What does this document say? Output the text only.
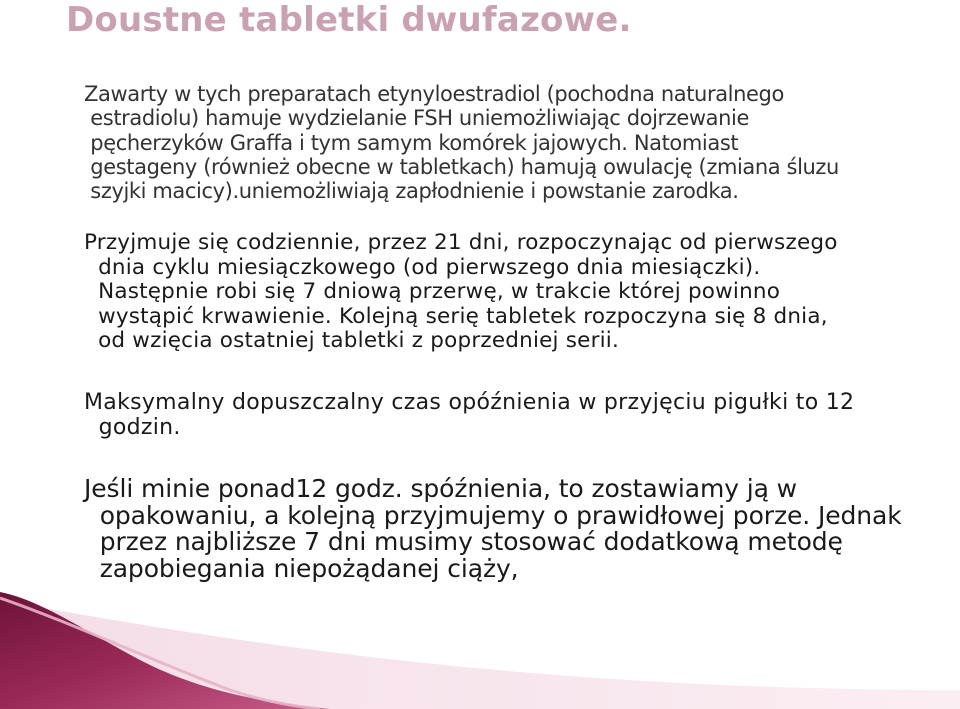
Doustne tabletki dwufazowe.

Zawarty w tych preparatach etynyloestradiol (pochodna naturalnego
estradiolu) hamuje wydzielanie FSH uniemożliwiając dojrzewanie
pęcherzyków Graffa i tym samym komórek jajowych. Natomiast
gestageny (również obecne w tabletkach) hamują owulację (zmiana śluzu
szyjki macicy).uniemożliwiają zapłodnienie i powstanie zarodka.

Przyjmuje się codziennie, przez 21 dni, rozpoczynając od pierwszego
dnia cyklu miesiączkowego (od pierwszego dnia miesiączki).
Następnie robi się 7 dniową przerwę, w trakcie której powinno
wystąpić krwawienie. Kolejną serię tabletek rozpoczyna się 8 dnia,
od wzięcia ostatniej tabletki z poprzedniej serii.

Maksymalny dopuszczalny czas opóźnienia w przyjęciu pigułki to 12
godzin.

Jeśli minie ponad12 godz. spóźnienia, to zostawiamy ją w
opakowaniu, a kolejną przyjmujemy o prawidłowej porze. Jednak
przez najbliższe 7 dni musimy stosować dodatkową metodę
zapobiegania niepożądanej ciąży,
